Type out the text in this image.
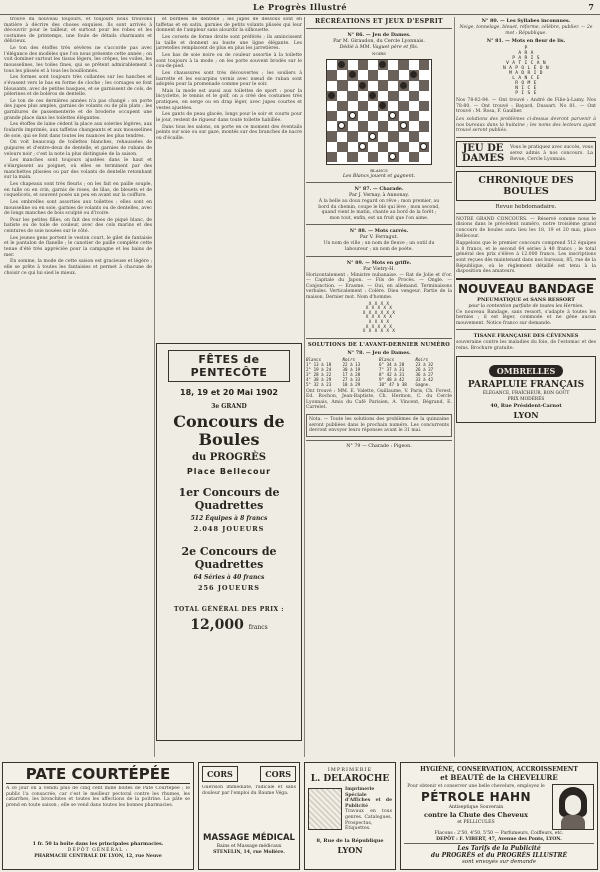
Le Progrès Illustré	7

trouve du nouveau toujours, et toujours nous trouvons matière à décrire des choses exquises. Ils sont arrivés à découvrir pour le tailleur, et surtout pour les robes et les costumes de printemps, une foule de détails charmants et délicieux.

Le ton des étoffes très sévères ne s'accorde pas avec l'élégance des modèles que l'on nous présente cette année ; on voit dominer surtout les tissus légers, les crêpes, les voiles, les mousselines, les toiles fines, qui se prêtent admirablement à tous les plissés et à tous les bouillonnés.

Les formes sont toujours très collantes sur les hanches et s'évasent vers le bas en forme de cloche ; les corsages se font blousants, avec de petites basques, et se garnissent de cols, de pèlerines et de boléros de dentelle.

Le ton de ces dernières années n'a pas changé : on porte des jupes plus amples, garnies de volants ou de plis plats ; les garnitures de passementerie et de broderie occupent une grande place dans les toilettes élégantes.

Les étoffes de laine cèdent la place aux soieries légères, aux foulards imprimés, aux taffetas changeants et aux mousselines de soie, qui se font dans toutes les nuances les plus tendres.

On voit beaucoup de toilettes blanches, rehaussées de guipures et d'entre-deux de dentelle, et garnies de rubans de velours noir ; c'est la note la plus distinguée de la saison.

Les manches sont toujours ajustées dans le haut et s'élargissent au poignet, où elles se terminent par des manchettes plissées ou par des volants de dentelle retombant sur la main.

Les chapeaux sont très fleuris ; on les fait en paille souple, en tulle ou en crin, garnis de roses, de lilas, de bleuets et de coquelicots, et souvent posés un peu en avant sur la coiffure.

Les ombrelles sont assorties aux toilettes ; elles sont en mousseline ou en soie, garnies de volants ou de dentelles, avec de longs manches de bois sculpté ou d'ivoire.

Pour les petites filles, on fait des robes de piqué blanc, de batiste ou de toile de couleur, avec des cols marins et des ceintures de soie nouées sur le côté.

Les jeunes gens portent le veston court, le gilet de fantaisie et le pantalon de flanelle ; le canotier de paille complète cette tenue d'été très appréciée pour la campagne et les bains de mer.

En somme, la mode de cette saison est gracieuse et légère ; elle se prête à toutes les fantaisies et permet à chacune de choisir ce qui lui sied le mieux.

et bordées de dentelle ; les jupes de dessous sont en taffetas et en satin, garnies de petits volants plissés qui leur donnent de l'ampleur sans alourdir la silhouette.

Les corsets de forme droite sont préférés ; ils amincissent la taille et donnent au buste une ligne élégante. Les jarretelles remplacent de plus en plus les jarretières.

Les bas de soie noire ou de couleur assortie à la toilette sont toujours à la mode ; on les porte souvent brodés sur le cou-de-pied.

Les chaussures sont très découvertes ; les souliers à barrette et les escarpins vernis avec nœud de ruban sont adoptés pour la promenade comme pour le soir.

Mais la mode est aussi aux toilettes de sport : pour la bicyclette, le tennis et le golf, on a créé des costumes très pratiques, en serge ou en drap léger, avec jupes courtes et vestes ajustées.

Les gants de peau glacée, longs pour le soir et courts pour le jour, restent de rigueur dans toute toilette habillée.

Dans tous les salons, on porte en ce moment des éventails peints sur soie ou sur gaze, montés sur des branches de nacre ou d'écaille.

FÊTES de PENTECÔTE
18, 19 et 20 Mai 1902
3e GRAND
Concours de Boules
du PROGRÈS
Place Bellecour
1er Concours de Quadrettes
512 Équipes à 8 francs
2.048 JOUEURS
2e Concours de Quadrettes
64 Séries à 40 francs
256 JOUEURS
TOTAL GÉNÉRAL DES PRIX :
12,000 francs
RÉCRÉATIONS ET JEUX D'ESPRIT
N° 86. — Jeu de Dames.
Par M. Giraudon, du Cercle Lyonnais.
Dédié à MM. Vaguet père et fils.
NOIRS
BLANCS
Les Blancs jouent et gagnent.
N° 87. — Charade.
Par J. Vernay, à Annonay.
À la belle au doux regard on rêve ; mon premier, au bord du chemin, coupe le blé qui lève ; mon second, quand vient le matin, chante au bord de la forêt ; mon tout, enfin, est un fruit que l'on aime.
N° 88. — Mots carrés.
Par V. Ferragut.
Un nom de ville ; un nom de fleuve ; un outil du laboureur ; un nom de poète.
N° 89. — Mots en griffe.
Par Vietry-H.
Horizontalement : Ministre nubanaise. — Rat de Jolie et d'or. — Capitale du Japon. — Fils de Procès. — Ongle. — Conjonction. — Erasme. — Oui, en allemand. Terminaisons verbales. Verticalement : Colère. Dieu vengeur. Partie de la maison. Dernier mot. Nom d'homme.
X X X X
X X X X X
X X X X X X
X X X X X
X X X X
X X X X X
X X X X X X
SOLUTIONS DE L'AVANT-DERNIER NUMÉRO
N° 78. — Jeu de Dames.
Blancs	Noirs	Blancs	Noirs
1° 13 à 18	22 à 13	6° 34 à 28	23 à 32
2° 19 à 24	30 à 19	7° 37 à 31	26 à 37
3° 28 à 22	17 à 28	8° 42 à 31	36 à 27
4° 38 à 29	27 à 33	9° 48 à 42	33 à 42
5° 32 à 23	18 à 29	10° 47 à 38	Gagne.
Ont trouvé : MM. E. Valette, Guillaume, V. Paris, Ch. Forest, Ed. Rochon, Jean-Baptiste, Ch. Hermon, C. du Cercle Lyonnais, Amis du Café Parisien, A. Vincent, Bégrand, E. Carrelet.
Nota. — Toute les solutions des problèmes de la quinzaine seront publiées dans le prochain numéro. Les concurrents devront envoyer leurs réponses avant le 31 mai.
N° 79 — Charade : Pigeon.
N° 80. — Les Syllabes inconnues.
Neige, tonnelage, bleuet, réforme, célèbre, publier. — 2e mot : République.
N° 81. — Mots en fleur de lis.
P
A R A
P A R I S
V A T I C A N
N A P O L É O N
M A D R I D
L A N C E
R O M E
N I C E
P I S E
Nos 78-82-84. — Ont trouvé : André de Filie-à-Lamy. Nos 78-80. — Ont trouvé : Bayard, Dussart. No 81. — Ont trouvé : M. Rosa, F. Gaullier.
Les solutions des problèmes ci-dessus devront parvenir à nos bureaux dans la huitaine ; les noms des lecteurs ayant trouvé seront publiés.
JEU DE DAMES
Vous le pratiquez avec succès, vous serez admis à nos concours. La Revue, Cercle Lyonnais.
CHRONIQUE DES BOULES
Revue hebdomadaire.
NOTRE GRAND CONCOURS. — Réservé comme nous le disions dans le précédent numéro, notre troisième grand concours de boules aura lieu les 18, 19 et 20 mai, place Bellecour.
Rappelons que le premier concours comprend 512 équipes à 8 francs, et le second 64 séries à 40 francs ; le total général des prix s'élève à 12.000 francs. Les inscriptions sont reçues dès maintenant dans nos bureaux, 85, rue de la République, où le règlement détaillé est tenu à la disposition des amateurs.
NOUVEAU BANDAGE
PNEUMATIQUE et SANS RESSORT
pour la contention parfaite de toutes les Hernies.
Ce nouveau Bandage, sans ressort, s'adapte à toutes les hernies ; il est léger, commode et ne gêne aucun mouvement. Notice franco sur demande.
TISANE FRANÇAISE DES CÉVENNES
souveraine contre les maladies du foie, de l'estomac et des reins. Brochure gratuite.
OMBRELLES
PARAPLUIE FRANÇAIS
ÉLÉGANCE, FRAÎCHEUR, BON GOÛT
PRIX MODÉRÉS
40, Rue Président-Carnot
LYON
PATE COURTÉPÉE
À ce jour on a vendu plus de cinq cent mille boîtes de Pâte Courtépée ; le public l'a consacrée, car c'est le meilleur pectoral contre les rhumes, les catarrhes, les bronchites et toutes les affections de la poitrine. La pâte se prend en toute saison ; elle se vend dans toutes les bonnes pharmacies.
1 fr. 50 la boîte dans les principales pharmacies.
DÉPÔT GÉNÉRAL :
PHARMACIE CENTRALE DE LYON, 12, rue Neuve
CORS	CORS
Guérison immédiate, radicale et sans douleur par l'emploi du Baume Véga.
MASSAGE MÉDICAL
Bains et Massage médicaux
STENELIN, 14, rue Molière.
IMPRIMERIE
L. DELAROCHE
Imprimerie Spéciale d'Affiches et de Publicité
Travaux en tous genres. Catalogues, Prospectus, Étiquettes.
8, Rue de la République
LYON
HYGIÈNE, CONSERVATION, ACCROISSEMENT
et BEAUTÉ de la CHEVELURE
Pour obtenir et conserver une belle chevelure, employez le
PÉTROLE HAHN
Antiseptique Souverain
contre la Chute des Cheveux
et PELLICULES
Flacons : 2'50, 4'50, 5'50 — Parfumeurs, Coiffeurs, etc.
DEPÔT : F. VIBERT, 47, Avenue des Ponts, LYON.
Les Tarifs de la Publicité
du PROGRÈS et du PROGRÈS ILLUSTRÉ
sont envoyés sur demande
